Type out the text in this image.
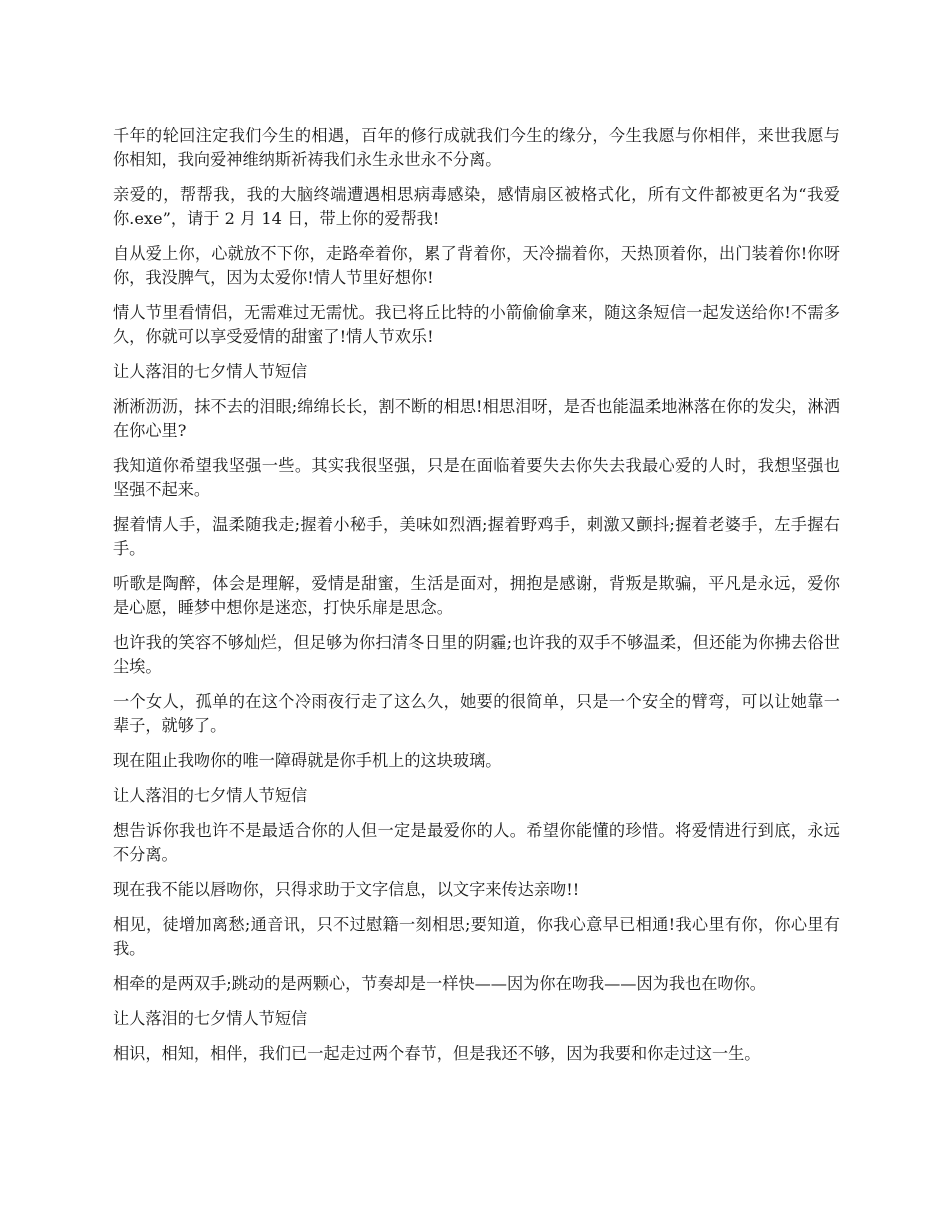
千年的轮回注定我们今生的相遇，百年的修行成就我们今生的缘分，今生我愿与你相伴，来世我愿与你相知，我向爱神维纳斯祈祷我们永生永世永不分离。

亲爱的，帮帮我，我的大脑终端遭遇相思病毒感染，感情扇区被格式化，所有文件都被更名为“我爱你.exe”，请于 2 月 14 日，带上你的爱帮我!

自从爱上你，心就放不下你，走路牵着你，累了背着你，天冷揣着你，天热顶着你，出门装着你!你呀你，我没脾气，因为太爱你!情人节里好想你!

情人节里看情侣，无需难过无需忧。我已将丘比特的小箭偷偷拿来，随这条短信一起发送给你!不需多久，你就可以享受爱情的甜蜜了!情人节欢乐!

让人落泪的七夕情人节短信

淅淅沥沥，抹不去的泪眼;绵绵长长，割不断的相思!相思泪呀，是否也能温柔地淋落在你的发尖，淋洒在你心里?

我知道你希望我坚强一些。其实我很坚强，只是在面临着要失去你失去我最心爱的人时，我想坚强也坚强不起来。

握着情人手，温柔随我走;握着小秘手，美味如烈酒;握着野鸡手，刺激又颤抖;握着老婆手，左手握右手。

听歌是陶醉，体会是理解，爱情是甜蜜，生活是面对，拥抱是感谢，背叛是欺骗，平凡是永远，爱你是心愿，睡梦中想你是迷恋，打快乐扉是思念。

也许我的笑容不够灿烂，但足够为你扫清冬日里的阴霾;也许我的双手不够温柔，但还能为你拂去俗世尘埃。

一个女人，孤单的在这个冷雨夜行走了这么久，她要的很简单，只是一个安全的臂弯，可以让她靠一辈子，就够了。

现在阻止我吻你的唯一障碍就是你手机上的这块玻璃。

让人落泪的七夕情人节短信

想告诉你我也许不是最适合你的人但一定是最爱你的人。希望你能懂的珍惜。将爱情进行到底，永远不分离。

现在我不能以唇吻你，只得求助于文字信息，以文字来传达亲吻!!

相见，徒增加离愁;通音讯，只不过慰籍一刻相思;要知道，你我心意早已相通!我心里有你，你心里有我。

相牵的是两双手;跳动的是两颗心，节奏却是一样快——因为你在吻我——因为我也在吻你。

让人落泪的七夕情人节短信

相识，相知，相伴，我们已一起走过两个春节，但是我还不够，因为我要和你走过这一生。
